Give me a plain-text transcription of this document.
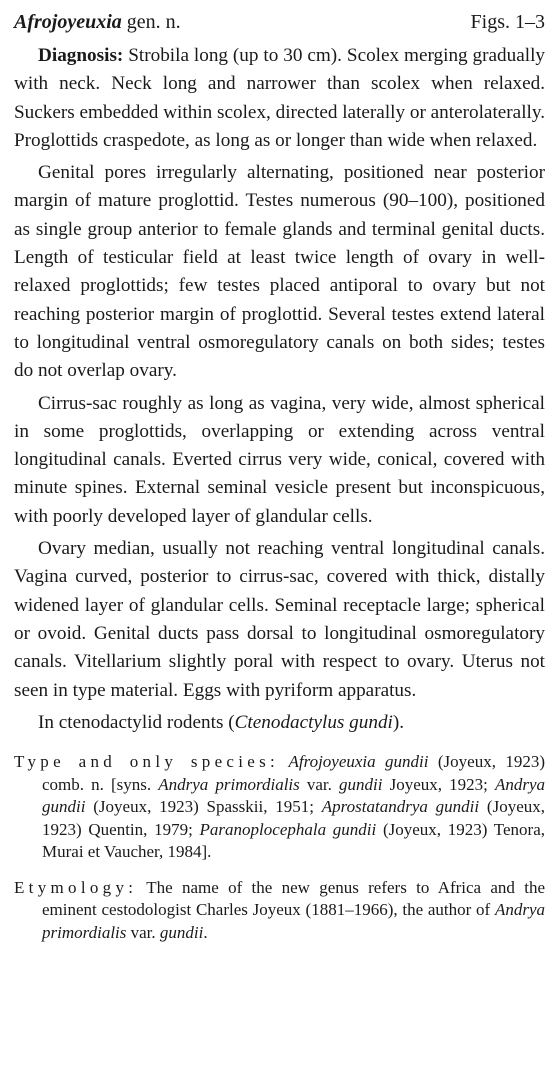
Afrojoyeuxia gen. n.	Figs. 1–3

Diagnosis: Strobila long (up to 30 cm). Scolex merging gradually with neck. Neck long and narrower than scolex when relaxed. Suckers embedded within scolex, directed laterally or anterolaterally. Proglottids craspedote, as long as or longer than wide when relaxed.

Genital pores irregularly alternating, positioned near posterior margin of mature proglottid. Testes numerous (90–100), positioned as single group anterior to female glands and terminal genital ducts. Length of testicular field at least twice length of ovary in well-relaxed proglottids; few testes placed antiporal to ovary but not reaching posterior margin of proglottid. Several testes extend lateral to longitudinal ventral osmoregulatory canals on both sides; testes do not overlap ovary.

Cirrus-sac roughly as long as vagina, very wide, almost spherical in some proglottids, overlapping or extending across ventral longitudinal canals. Everted cirrus very wide, conical, covered with minute spines. External seminal vesicle present but inconspicuous, with poorly developed layer of glandular cells.

Ovary median, usually not reaching ventral longitudinal canals. Vagina curved, posterior to cirrus-sac, covered with thick, distally widened layer of glandular cells. Seminal receptacle large; spherical or ovoid. Genital ducts pass dorsal to longitudinal osmoregulatory canals. Vitellarium slightly poral with respect to ovary. Uterus not seen in type material. Eggs with pyriform apparatus.

In ctenodactylid rodents (Ctenodactylus gundi).

Type and only species: Afrojoyeuxia gundii (Joyeux, 1923) comb. n. [syns. Andrya primordialis var. gundii Joyeux, 1923; Andrya gundii (Joyeux, 1923) Spasskii, 1951; Aprostatandrya gundii (Joyeux, 1923) Quentin, 1979; Paranoplocephala gundii (Joyeux, 1923) Tenora, Murai et Vaucher, 1984].
Etymology: The name of the new genus refers to Africa and the eminent cestodologist Charles Joyeux (1881–1966), the author of Andrya primordialis var. gundii.
